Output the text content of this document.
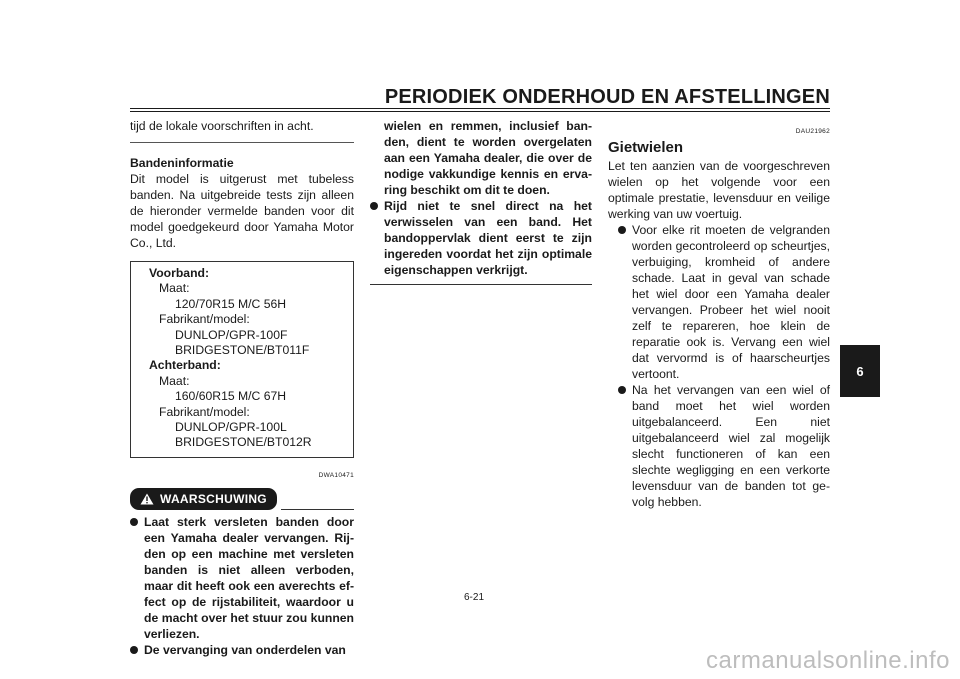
PERIODIEK ONDERHOUD EN AFSTELLINGEN

tijd de lokale voorschriften in acht.

Bandeninformatie

Dit model is uitgerust met tubeless banden. Na uitgebreide tests zijn alleen de hieronder vermelde banden voor dit model goedgekeurd door Yamaha Motor Co., Ltd.

Voorband:
Maat:
120/70R15 M/C 56H
Fabrikant/model:
DUNLOP/GPR-100F
BRIDGESTONE/BT011F
Achterband:
Maat:
160/60R15 M/C 67H
Fabrikant/model:
DUNLOP/GPR-100L
BRIDGESTONE/BT012R
DWA10471
WAARSCHUWING
Laat sterk versleten banden door een Yamaha dealer vervangen. Rijden op een machine met versleten banden is niet alleen verboden, maar dit heeft ook een averechts effect op de rijstabiliteit, waardoor u de macht over het stuur zou kunnen verliezen.
De vervanging van onderdelen van

wielen en remmen, inclusief banden, dient te worden overgelaten aan een Yamaha dealer, die over de nodige vakkundige kennis en ervaring beschikt om dit te doen.

Rijd niet te snel direct na het verwisselen van een band. Het bandoppervlak dient eerst te zijn ingereden voordat het zijn optimale eigenschappen verkrijgt.
DAU21962
Gietwielen

Let ten aanzien van de voorgeschreven wielen op het volgende voor een optimale prestatie, levensduur en veilige werking van uw voertuig.

Voor elke rit moeten de velgranden worden gecontroleerd op scheurtjes, verbuiging, kromheid of andere schade. Laat in geval van schade het wiel door een Yamaha dealer vervangen. Probeer het wiel nooit zelf te repareren, hoe klein de reparatie ook is. Vervang een wiel dat vervormd is of haarscheurtjes vertoont.
Na het vervangen van een wiel of band moet het wiel worden uitgebalanceerd. Een niet uitgebalanceerd wiel zal mogelijk slecht functioneren of kan een slechte wegligging en een verkorte levensduur van de banden tot gevolg hebben.
6
6-21
carmanualsonline.info
